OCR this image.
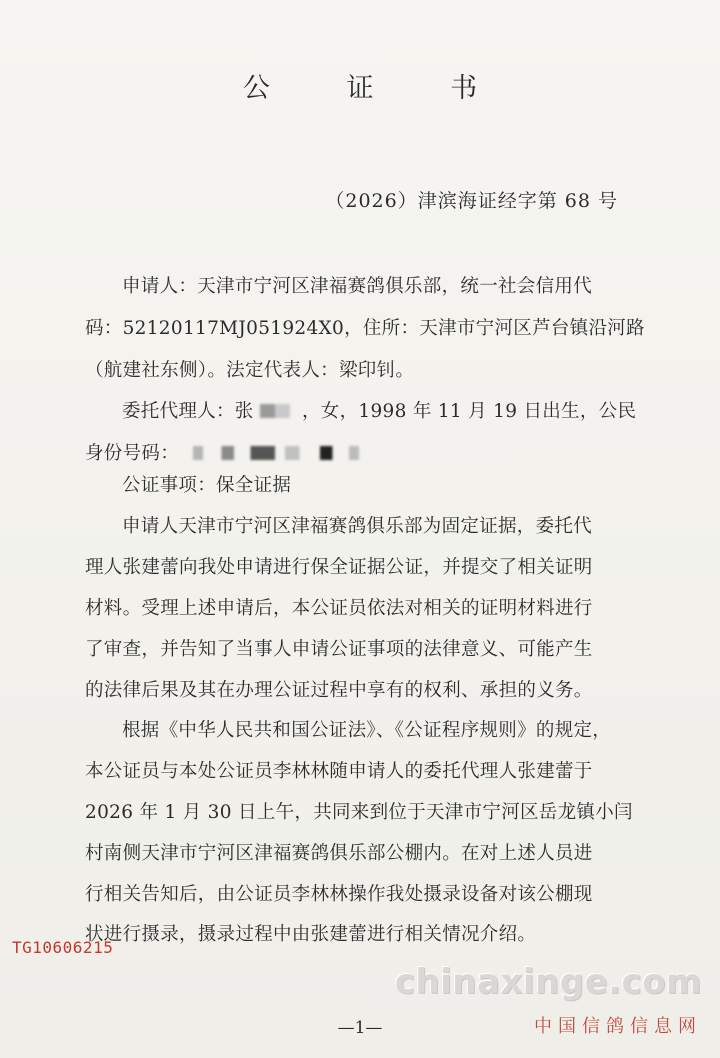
公 证 书
（2026）津滨海证经字第 68 号
申请人：天津市宁河区津福赛鸽俱乐部，统一社会信用代
码：52120117MJ051924X0，住所：天津市宁河区芦台镇沿河路
（航建社东侧）。法定代表人：梁印钊。
委托代理人：张	，女，1998 年 11 月 19 日出生，公民
身份号码：
公证事项：保全证据
申请人天津市宁河区津福赛鸽俱乐部为固定证据，委托代
理人张建蕾向我处申请进行保全证据公证，并提交了相关证明
材料。受理上述申请后，本公证员依法对相关的证明材料进行
了审查，并告知了当事人申请公证事项的法律意义、可能产生
的法律后果及其在办理公证过程中享有的权利、承担的义务。
根据《中华人民共和国公证法》、《公证程序规则》的规定，
本公证员与本处公证员李林林随申请人的委托代理人张建蕾于
2026 年 1 月 30 日上午，共同来到位于天津市宁河区岳龙镇小闫
村南侧天津市宁河区津福赛鸽俱乐部公棚内。在对上述人员进
行相关告知后，由公证员李林林操作我处摄录设备对该公棚现
状进行摄录，摄录过程中由张建蕾进行相关情况介绍。
TG10606215
chinaxinge.com
中国信鸽信息网
—1—
